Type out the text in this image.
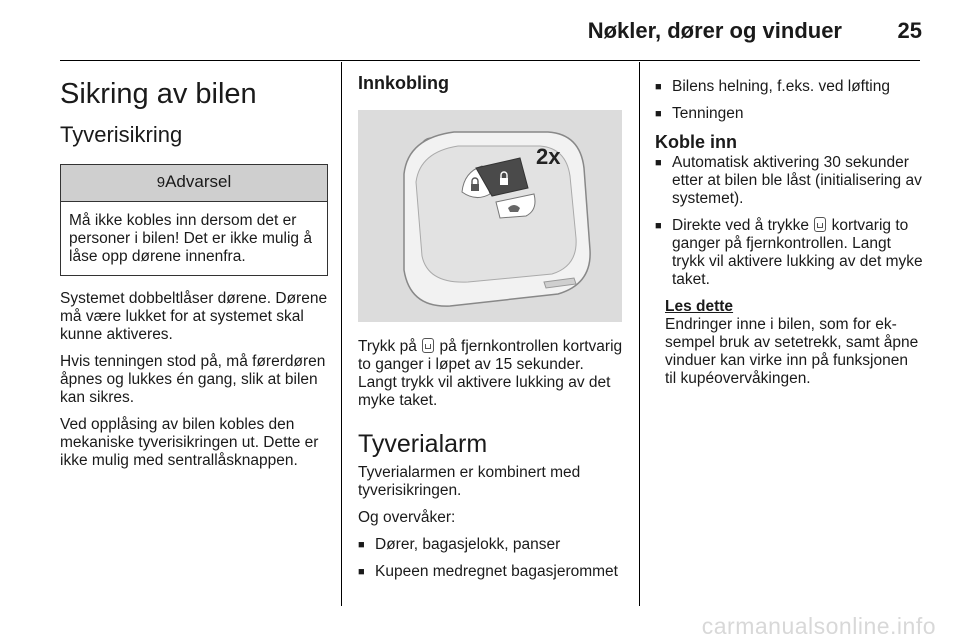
Nøkler, dører og vinduer	25
Sikring av bilen
Tyverisikring
9Advarsel
Må ikke kobles inn dersom det er personer i bilen! Det er ikke mulig å låse opp dørene innenfra.

Systemet dobbeltlåser dørene. Dørene må være lukket for at systemet skal kunne aktiveres.

Hvis tenningen stod på, må førerdøren åpnes og lukkes én gang, slik at bilen kan sikres.

Ved opplåsing av bilen kobles den mekaniske tyverisikringen ut. Dette er ikke mulig med sentrallåsknappen.

Innkobling
2x

Trykk på på fjernkontrollen kortvarig to ganger i løpet av 15 sekunder. Langt trykk vil aktivere lukking av det myke taket.

Tyverialarm

Tyverialarmen er kombinert med tyverisikringen.

Og overvåker:

■ Dører, bagasjelokk, panser
■ Kupeen medregnet bagasjerommet
■ Bilens helning, f.eks. ved løfting
■ Tenningen
Koble inn
■ Automatisk aktivering 30 sekunder etter at bilen ble låst (initialisering av systemet).
■ Direkte ved å trykke kortvarig to ganger på fjernkontrollen. Langt trykk vil aktivere lukking av det myke taket.
Les dette
Endringer inne i bilen, som for eksempel bruk av setetrekk, samt åpne vinduer kan virke inn på funksjonen til kupéovervåkingen.
carmanualsonline.info
